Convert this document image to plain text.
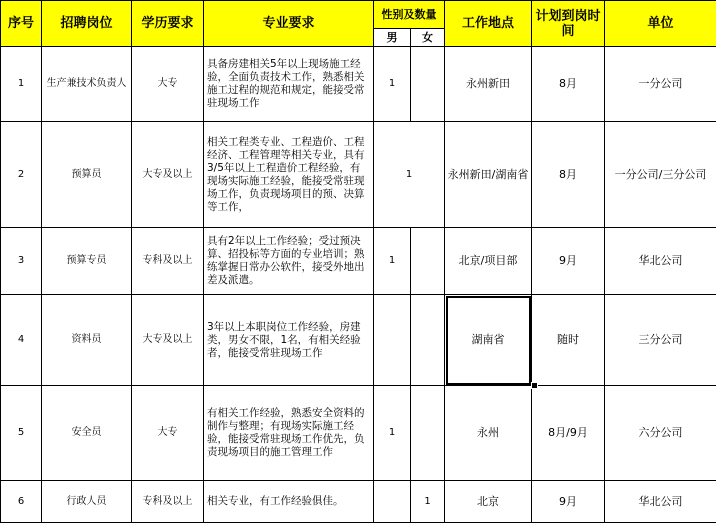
序号	招聘岗位	学历要求	专业要求	性别及数量		工作地点	计划到岗时间	单位
				男	女			
1	生产兼技术负责人	大专	具备房建相关5年以上现场施工经验，全面负责技术工作，熟悉相关施工过程的规范和规定，能接受常驻现场工作	1		永州新田	8月	一分公司
2	预算员	大专及以上	相关工程类专业、工程造价、工程经济、工程管理等相关专业，具有3/5年以上工程造价工程经验，有现场实际施工经验，能接受常驻现场工作，负责现场项目的预、决算等工作，	1		永州新田/湖南省	8月	一分公司/三分公司
3	预算专员	专科及以上	具有2年以上工作经验；受过预决算、招投标等方面的专业培训；熟练掌握日常办公软件，接受外地出差及派遣。	1		北京/项目部	9月	华北公司
4	资料员	大专及以上	3年以上本职岗位工作经验，房建类，男女不限，1名，有相关经验者，能接受常驻现场工作			湖南省	随时	三分公司
5	安全员	大专	有相关工作经验，熟悉安全资料的制作与整理；有现场实际施工经验，能接受常驻现场工作优先，负责现场项目的施工管理工作	1		永州	8月/9月	六分公司
6	行政人员	专科及以上	相关专业，有工作经验俱佳。		1	北京	9月	华北公司
